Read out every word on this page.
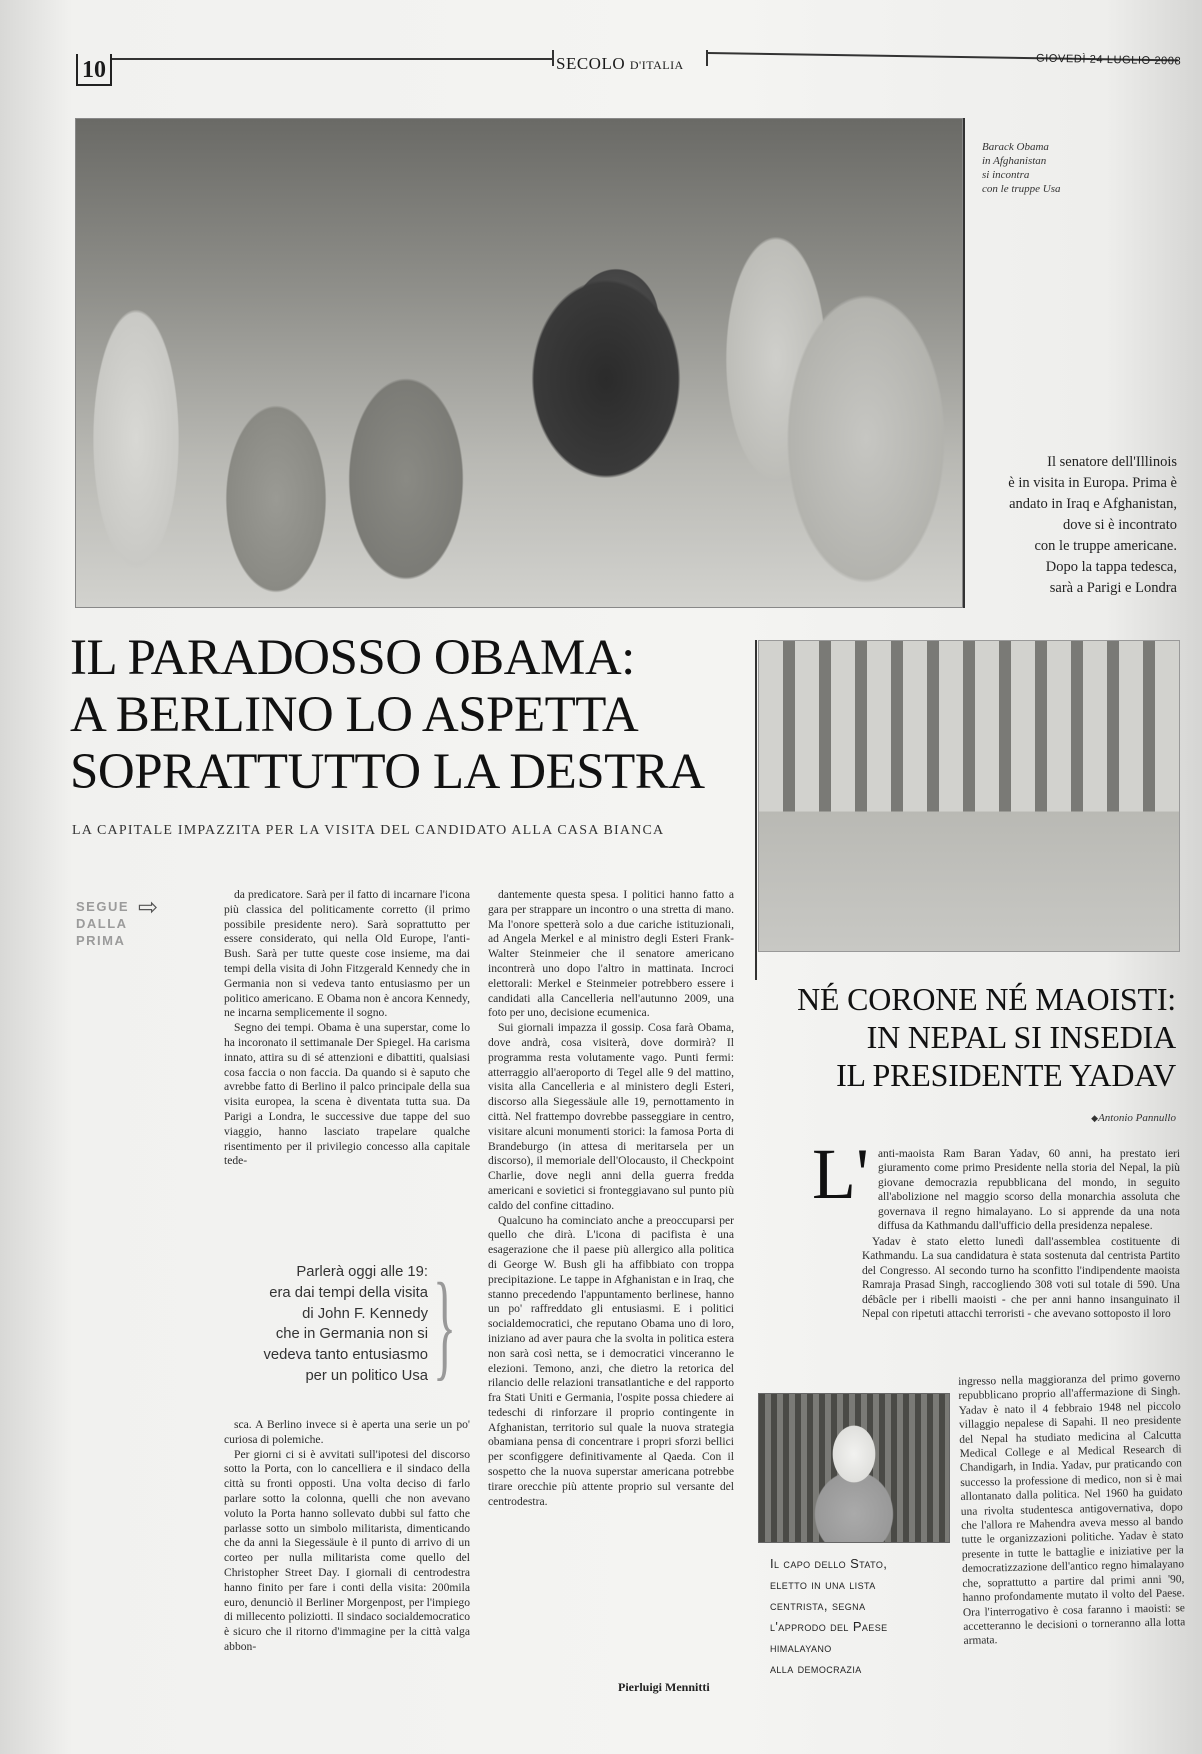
10	SECOLO D'ITALIA	GIOVEDÌ 24 LUGLIO 2008
Barack Obama
in Afghanistan
si incontra
con le truppe Usa
Il senatore dell'Illinois
è in visita in Europa. Prima è
andato in Iraq e Afghanistan,
dove si è incontrato
con le truppe americane.
Dopo la tappa tedesca,
sarà a Parigi e Londra
IL PARADOSSO OBAMA:
A BERLINO LO ASPETTA
SOPRATTUTTO LA DESTRA
LA CAPITALE IMPAZZITA PER LA VISITA DEL CANDIDATO ALLA CASA BIANCA
SEGUE
DALLA
PRIMA
⇨

da predicatore. Sarà per il fatto di incarnare l'icona più classica del politicamente corretto (il primo possibile presidente nero). Sarà soprattutto per essere considerato, qui nella Old Europe, l'anti-Bush. Sarà per tutte queste cose insieme, ma dai tempi della visita di John Fitzgerald Kennedy che in Germania non si vedeva tanto entusiasmo per un politico americano. E Obama non è ancora Kennedy, ne incarna semplicemente il sogno.

Segno dei tempi. Obama è una superstar, come lo ha incoronato il settimanale Der Spiegel. Ha carisma innato, attira su di sé attenzioni e dibattiti, qualsiasi cosa faccia o non faccia. Da quando si è saputo che avrebbe fatto di Berlino il palco principale della sua visita europea, la scena è diventata tutta sua. Da Parigi a Londra, le successive due tappe del suo viaggio, hanno lasciato trapelare qualche risentimento per il privilegio concesso alla capitale tede-

Parlerà oggi alle 19:
era dai tempi della visita
di John F. Kennedy
che in Germania non si
vedeva tanto entusiasmo
per un politico Usa }

sca. A Berlino invece si è aperta una serie un po' curiosa di polemiche.

Per giorni ci si è avvitati sull'ipotesi del discorso sotto la Porta, con lo cancelliera e il sindaco della città su fronti opposti. Una volta deciso di farlo parlare sotto la colonna, quelli che non avevano voluto la Porta hanno sollevato dubbi sul fatto che parlasse sotto un simbolo militarista, dimenticando che da anni la Siegessäule è il punto di arrivo di un corteo per nulla militarista come quello del Christopher Street Day. I giornali di centrodestra hanno finito per fare i conti della visita: 200mila euro, denunciò il Berliner Morgenpost, per l'impiego di millecento poliziotti. Il sindaco socialdemocratico è sicuro che il ritorno d'immagine per la città valga abbon-

dantemente questa spesa. I politici hanno fatto a gara per strappare un incontro o una stretta di mano. Ma l'onore spetterà solo a due cariche istituzionali, ad Angela Merkel e al ministro degli Esteri Frank-Walter Steinmeier che il senatore americano incontrerà uno dopo l'altro in mattinata. Incroci elettorali: Merkel e Steinmeier potrebbero essere i candidati alla Cancelleria nell'autunno 2009, una foto per uno, decisione ecumenica.

Sui giornali impazza il gossip. Cosa farà Obama, dove andrà, cosa visiterà, dove dormirà? Il programma resta volutamente vago. Punti fermi: atterraggio all'aeroporto di Tegel alle 9 del mattino, visita alla Cancelleria e al ministero degli Esteri, discorso alla Siegessäule alle 19, pernottamento in città. Nel frattempo dovrebbe passeggiare in centro, visitare alcuni monumenti storici: la famosa Porta di Brandeburgo (in attesa di meritarsela per un discorso), il memoriale dell'Olocausto, il Checkpoint Charlie, dove negli anni della guerra fredda americani e sovietici si fronteggiavano sul punto più caldo del confine cittadino.

Qualcuno ha cominciato anche a preoccuparsi per quello che dirà. L'icona di pacifista è una esagerazione che il paese più allergico alla politica di George W. Bush gli ha affibbiato con troppa precipitazione. Le tappe in Afghanistan e in Iraq, che stanno precedendo l'appuntamento berlinese, hanno un po' raffreddato gli entusiasmi. E i politici socialdemocratici, che reputano Obama uno di loro, iniziano ad aver paura che la svolta in politica estera non sarà così netta, se i democratici vinceranno le elezioni. Temono, anzi, che dietro la retorica del rilancio delle relazioni transatlantiche e del rapporto fra Stati Uniti e Germania, l'ospite possa chiedere ai tedeschi di rinforzare il proprio contingente in Afghanistan, territorio sul quale la nuova strategia obamiana pensa di concentrare i propri sforzi bellici per sconfiggere definitivamente al Qaeda. Con il sospetto che la nuova superstar americana potrebbe tirare orecchie più attente proprio sul versante del centrodestra.

Pierluigi Mennitti
NÉ CORONE NÉ MAOISTI:
IN NEPAL SI INSEDIA
IL PRESIDENTE YADAV
◆ Antonio Pannullo
L' anti-maoista Ram Baran Yadav, 60 anni, ha prestato ieri giuramento come primo Presidente nella storia del Nepal, la più giovane democrazia repubblicana del mondo, in seguito all'abolizione nel maggio scorso della monarchia assoluta che governava il regno himalayano. Lo si apprende da una nota diffusa da Kathmandu dall'ufficio della presidenza nepalese.

Yadav è stato eletto lunedì dall'assemblea costituente di Kathmandu. La sua candidatura è stata sostenuta dal centrista Partito del Congresso. Al secondo turno ha sconfitto l'indipendente maoista Ramraja Prasad Singh, raccogliendo 308 voti sul totale di 590. Una débâcle per i ribelli maoisti - che per anni hanno insanguinato il Nepal con ripetuti attacchi terroristi - che avevano sottoposto il loro

Il capo dello Stato,
eletto in una lista
centrista, segna
l'approdo del Paese
himalayano
alla democrazia

ingresso nella maggioranza del primo governo repubblicano proprio all'affermazione di Singh. Yadav è nato il 4 febbraio 1948 nel piccolo villaggio nepalese di Sapahi. Il neo presidente del Nepal ha studiato medicina al Calcutta Medical College e al Medical Research di Chandigarh, in India. Yadav, pur praticando con successo la professione di medico, non si è mai allontanato dalla politica. Nel 1960 ha guidato una rivolta studentesca antigovernativa, dopo che l'allora re Mahendra aveva messo al bando tutte le organizzazioni politiche. Yadav è stato presente in tutte le battaglie e iniziative per la democratizzazione dell'antico regno himalayano che, soprattutto a partire dal primi anni '90, hanno profondamente mutato il volto del Paese. Ora l'interrogativo è cosa faranno i maoisti: se accetteranno le decisioni o torneranno alla lotta armata.
